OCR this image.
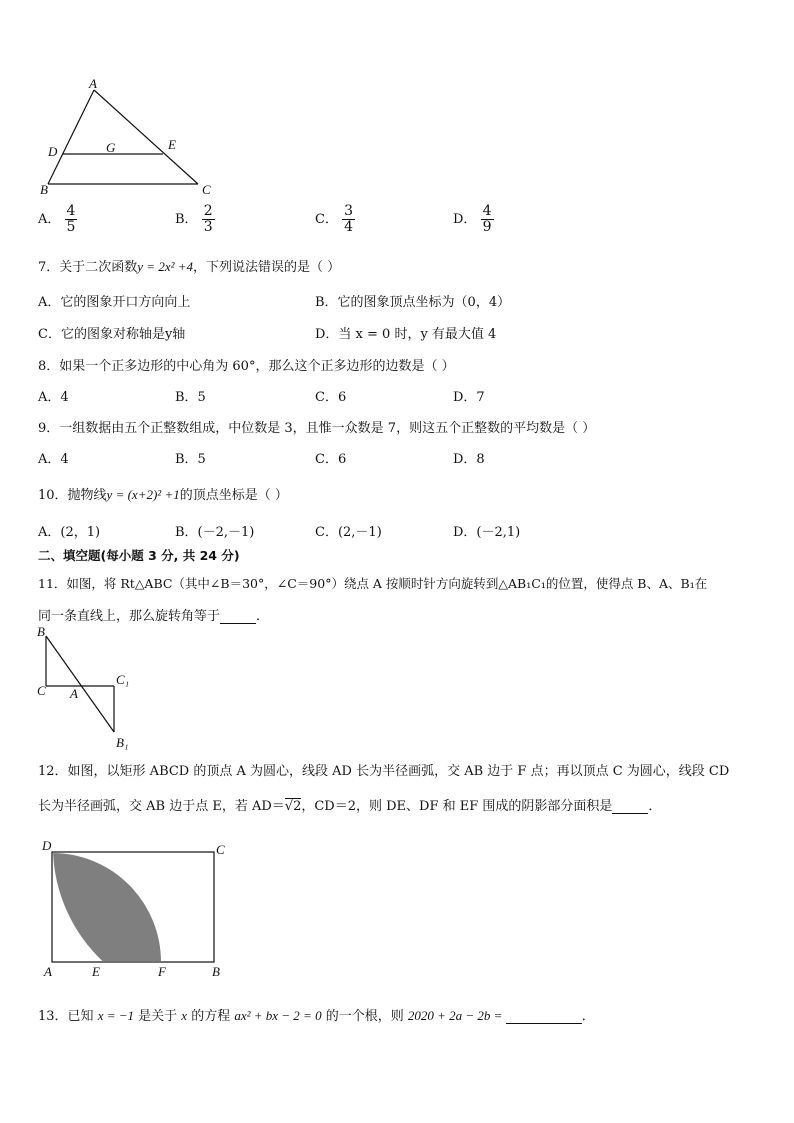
A
B	C
D	E
G
A． $\frac{4}{5}$	B． $\frac{2}{3}$	C． $\frac{3}{4}$	D． $\frac{4}{9}$
7．关于二次函数y = 2x² +4，下列说法错误的是（ ）
A．它的图象开口方向向上	B．它的图象顶点坐标为（0，4）
C．它的图象对称轴是y轴	D．当 x = 0 时，y 有最大值 4
8．如果一个正多边形的中心角为 60°，那么这个正多边形的边数是（ ）
A．4	B．5	C．6	D．7
9．一组数据由五个正整数组成，中位数是 3，且惟一众数是 7，则这五个正整数的平均数是（ ）
A．4	B．5	C．6	D．8
10．抛物线y = (x+2)² +1的顶点坐标是（ ）
A．(2，1)	B．(－2,－1)	C．(2,－1)	D．(－2,1)
二、填空题(每小题 3 分, 共 24 分)
11．如图，将 Rt△ABC（其中∠B＝30°，∠C＝90°）绕点 A 按顺时针方向旋转到△AB₁C₁的位置，使得点 B、A、B₁在
同一条直线上，那么旋转角等于	．
B
C A
C₁
B₁
12．如图，以矩形 ABCD 的顶点 A 为圆心，线段 AD 长为半径画弧，交 AB 边于 F 点；再以顶点 C 为圆心，线段 CD
长为半径画弧，交 AB 边于点 E，若 AD＝√2，CD＝2，则 DE、DF 和 EF 围成的阴影部分面积是	．
D	C
A	E	F	B
13．已知 x = −1 是关于 x 的方程 ax² + bx − 2 = 0 的一个根，则 2020 + 2a − 2b =	．
